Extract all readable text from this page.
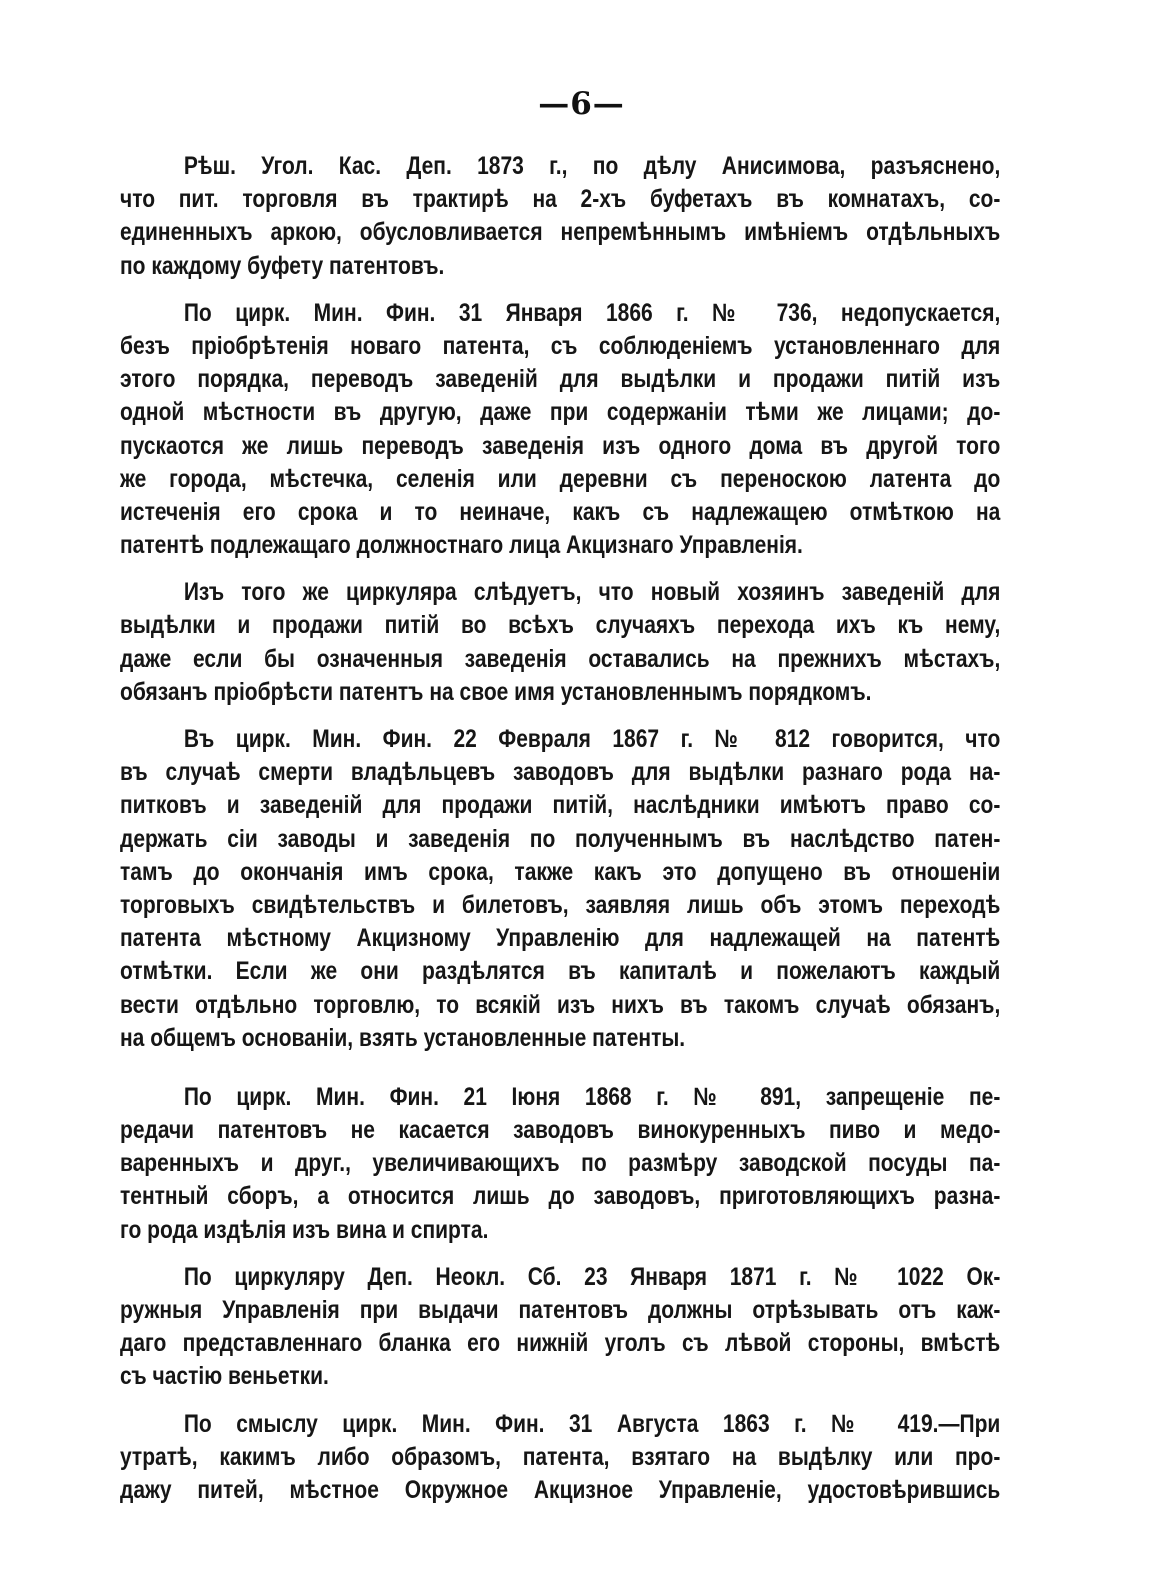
—6—
Рѣш. Угол. Кас. Деп. 1873 г., по дѣлу Анисимова, разъяснено,
что пит. торговля въ трактирѣ на 2-хъ буфетахъ въ комнатахъ, со-
единенныхъ аркою, обусловливается непремѣннымъ имѣніемъ отдѣльныхъ
по каждому буфету патентовъ.
По цирк. Мин. Фин. 31 Января 1866 г. № 736, недопускается,
безъ пріобрѣтенія новаго патента, съ соблюденіемъ установленнаго для
этого порядка, переводъ заведеній для выдѣлки и продажи питій изъ
одной мѣстности въ другую, даже при содержаніи тѣми же лицами; до-
пускаотся же лишь переводъ заведенія изъ одного дома въ другой того
же города, мѣстечка, селенія или деревни съ переноскою латента до
истеченія его срока и то неиначе, какъ съ надлежащею отмѣткою на
патентѣ подлежащаго должностнаго лица Акцизнаго Управленія.
Изъ того же циркуляра слѣдуетъ, что новый хозяинъ заведеній для
выдѣлки и продажи питій во всѣхъ случаяхъ перехода ихъ къ нему,
даже если бы означенныя заведенія оставались на прежнихъ мѣстахъ,
обязанъ пріобрѣсти патентъ на свое имя установленнымъ порядкомъ.
Въ цирк. Мин. Фин. 22 Февраля 1867 г. № 812 говорится, что
въ случаѣ смерти владѣльцевъ заводовъ для выдѣлки разнаго рода на-
питковъ и заведеній для продажи питій, наслѣдники имѣютъ право со-
держать сіи заводы и заведенія по полученнымъ въ наслѣдство патен-
тамъ до окончанія имъ срока, также какъ это допущено въ отношеніи
торговыхъ свидѣтельствъ и билетовъ, заявляя лишь объ этомъ переходѣ
патента мѣстному Акцизному Управленію для надлежащей на патентѣ
отмѣтки. Если же они раздѣлятся въ капиталѣ и пожелаютъ каждый
вести отдѣльно торговлю, то всякій изъ нихъ въ такомъ случаѣ обязанъ,
на общемъ основаніи, взять установленные патенты.
По цирк. Мин. Фин. 21 Іюня 1868 г. № 891, запрещеніе пе-
редачи патентовъ не касается заводовъ винокуренныхъ пиво и медо-
варенныхъ и друг., увеличивающихъ по размѣру заводской посуды па-
тентный сборъ, а относится лишь до заводовъ, приготовляющихъ разна-
го рода издѣлія изъ вина и спирта.
По циркуляру Деп. Неокл. Сб. 23 Января 1871 г. № 1022 Ок-
ружныя Управленія при выдачи патентовъ должны отрѣзывать отъ каж-
даго представленнаго бланка его нижній уголъ съ лѣвой стороны, вмѣстѣ
съ частію веньетки.
По смыслу цирк. Мин. Фин. 31 Августа 1863 г. № 419.—При
утратѣ, какимъ либо образомъ, патента, взятаго на выдѣлку или про-
дажу питей, мѣстное Окружное Акцизное Управленіе, удостовѣрившись
